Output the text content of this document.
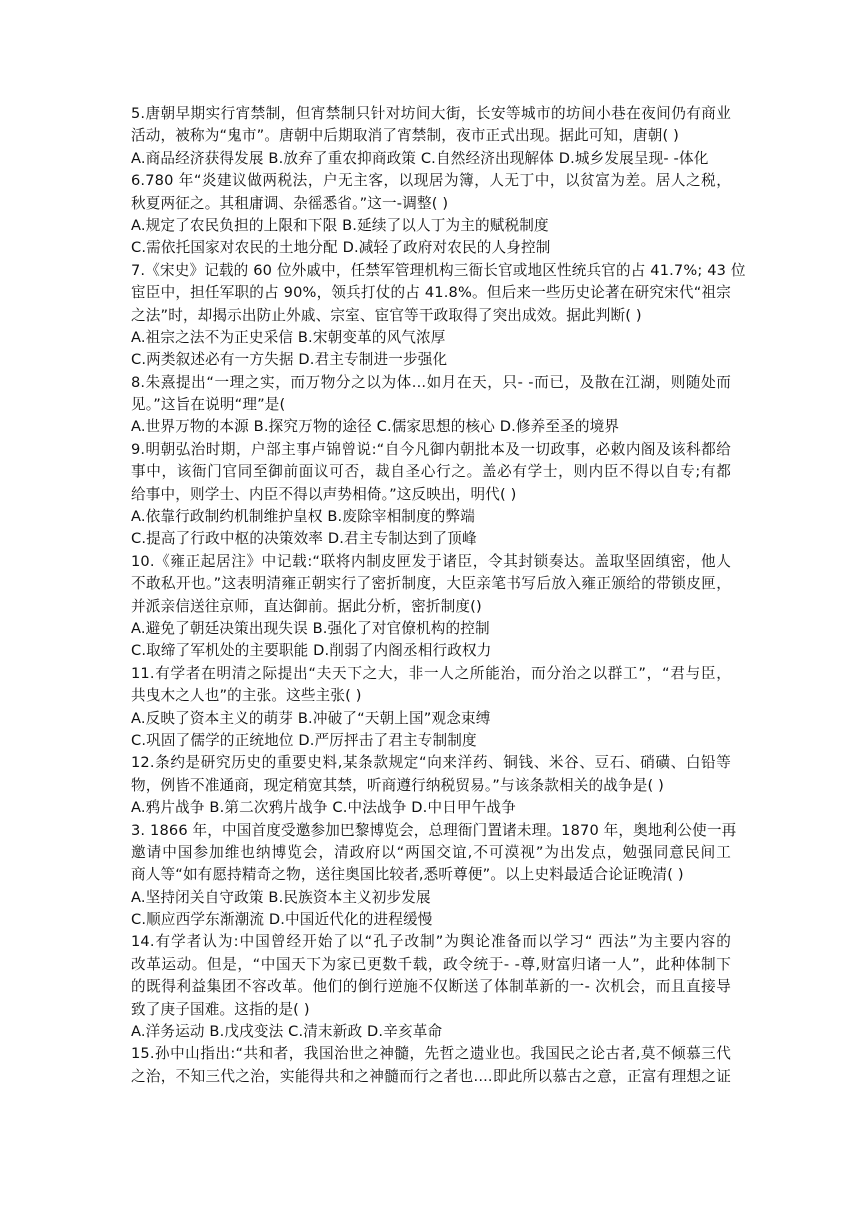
5.唐朝早期实行宵禁制，但宵禁制只针对坊间大街，长安等城市的坊间小巷在夜间仍有商业
活动，被称为“鬼市”。唐朝中后期取消了宵禁制，夜市正式出现。据此可知，唐朝( )
A.商品经济获得发展 B.放弃了重农抑商政策 C.自然经济出现解体 D.城乡发展呈现- -体化
6.780 年“炎建议做两税法，户无主客，以现居为簿，人无丁中，以贫富为差。居人之税，
秋夏两征之。其租庸调、杂徭悉省。”这一-调整( )
A.规定了农民负担的上限和下限 B.延续了以人丁为主的赋税制度
C.需依托国家对农民的土地分配 D.减轻了政府对农民的人身控制
7.《宋史》记载的 60 位外戚中，任禁军管理机构三衙长官或地区性统兵官的占 41.7%; 43 位
宦臣中，担任军职的占 90%，领兵打仗的占 41.8%。但后来一些历史论著在研究宋代“祖宗
之法”时，却揭示出防止外戚、宗室、宦官等干政取得了突出成效。据此判断( )
A.祖宗之法不为正史采信 B.宋朝变革的风气浓厚
C.两类叙述必有一方失据 D.君主专制进一步强化
8.朱熹提出“一理之实，而万物分之以为体...如月在天，只- -而已，及散在江湖，则随处而
见。”这旨在说明“理”是(
A.世界万物的本源 B.探究万物的途径 C.儒家思想的核心 D.修养至圣的境界
9.明朝弘治时期，户部主事卢锦曾说:“自今凡御内朝批本及一切政事，必敕内阁及该科都给
事中，该衙门官同至御前面议可否，裁自圣心行之。盖必有学士，则内臣不得以自专;有都
给事中，则学士、内臣不得以声势相倚。”这反映出，明代( )
A.依靠行政制约机制维护皇权 B.废除宰相制度的弊端
C.提高了行政中枢的决策效率 D.君主专制达到了顶峰
10.《雍正起居注》中记载:“联将内制皮匣发于诸臣，令其封锁奏达。盖取坚固缜密，他人
不敢私开也。”这表明清雍正朝实行了密折制度，大臣亲笔书写后放入雍正颁给的带锁皮匣，
并派亲信送往京师，直达御前。据此分析，密折制度()
A.避免了朝廷决策出现失误 B.强化了对官僚机构的控制
C.取缔了军机处的主要职能 D.削弱了内阁丞相行政权力
11.有学者在明清之际提出“夫天下之大，非一人之所能治，而分治之以群工”，“君与臣，
共曳木之人也”的主张。这些主张( )
A.反映了资本主义的萌芽 B.冲破了“天朝上国”观念束缚
C.巩固了儒学的正统地位 D.严厉抨击了君主专制制度
12.条约是研究历史的重要史料,某条款规定“向来洋药、铜钱、米谷、豆石、硝磺、白铅等
物，例皆不准通商，现定稍宽其禁，听商遵行纳税贸易。”与该条款相关的战争是( )
A.鸦片战争 B.第二次鸦片战争 C.中法战争 D.中日甲午战争
3. 1866 年，中国首度受邀参加巴黎博览会，总理衙门置诸未理。1870 年，奥地利公使一再
邀请中国参加维也纳博览会，清政府以“两国交谊,不可漠视”为出发点，勉强同意民间工
商人等“如有愿持精奇之物，送往奥国比较者,悉听尊便”。以上史料最适合论证晚清( )
A.坚持闭关自守政策 B.民族资本主义初步发展
C.顺应西学东渐潮流 D.中国近代化的进程缓慢
14.有学者认为:中国曾经开始了以“孔子改制”为舆论准备而以学习“ 西法”为主要内容的
改革运动。但是，“中国天下为家已更数千载，政令统于- -尊,财富归诸一人”，此种体制下
的既得利益集团不容改革。他们的倒行逆施不仅断送了体制革新的一- 次机会，而且直接导
致了庚子国难。这指的是( )
A.洋务运动 B.戊戌变法 C.清末新政 D.辛亥革命
15.孙中山指出:“共和者，我国治世之神髓，先哲之遗业也。我国民之论古者,莫不倾慕三代
之治，不知三代之治，实能得共和之神髓而行之者也....即此所以慕古之意，正富有理想之证
